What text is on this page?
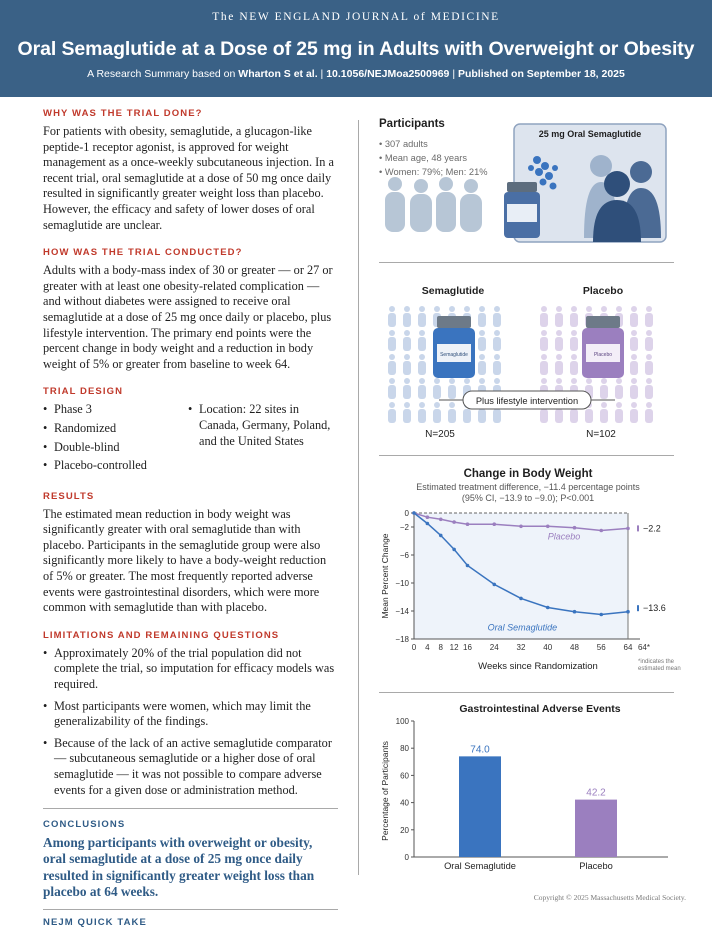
The NEW ENGLAND JOURNAL of MEDICINE
Oral Semaglutide at a Dose of 25 mg in Adults with Overweight or Obesity
A Research Summary based on Wharton S et al. | 10.1056/NEJMoa2500969 | Published on September 18, 2025
WHY WAS THE TRIAL DONE?

For patients with obesity, semaglutide, a glucagon-like peptide-1 receptor agonist, is approved for weight management as a once-weekly subcutaneous injection. In a recent trial, oral semaglutide at a dose of 50 mg once daily resulted in significantly greater weight loss than placebo. However, the efficacy and safety of lower doses of oral semaglutide are unclear.

HOW WAS THE TRIAL CONDUCTED?

Adults with a body-mass index of 30 or greater — or 27 or greater with at least one obesity-related complication — and without diabetes were assigned to receive oral semaglutide at a dose of 25 mg once daily or placebo, plus lifestyle intervention. The primary end points were the percent change in body weight and a reduction in body weight of 5% or greater from baseline to week 64.

TRIAL DESIGN
• Phase 3
• Randomized
• Double-blind
• Placebo-controlled
• Location: 22 sites in Canada, Germany, Poland, and the United States
RESULTS

The estimated mean reduction in body weight was significantly greater with oral semaglutide than with placebo. Participants in the semaglutide group were also significantly more likely to have a body-weight reduction of 5% or greater. The most frequently reported adverse events were gastrointestinal disorders, which were more common with semaglutide than with placebo.

LIMITATIONS AND REMAINING QUESTIONS
• Approximately 20% of the trial population did not complete the trial, so imputation for efficacy models was required.
• Most participants were women, which may limit the generalizability of the findings.
• Because of the lack of an active semaglutide comparator — subcutaneous semaglutide or a higher dose of oral semaglutide — it was not possible to compare adverse events for a given dose or administration method.
CONCLUSIONS
Among participants with overweight or obesity, oral semaglutide at a dose of 25 mg once daily resulted in significantly greater weight loss than placebo at 64 weeks.
NEJM QUICK TAKE
Participants
• 307 adults
• Mean age, 48 years
• Women: 79%; Men: 21%
25 mg Oral Semaglutide
Semaglutide	Placebo
Semaglutide	Placebo
Plus lifestyle intervention
N=205	N=102
Change in Body Weight
Estimated treatment difference, −11.4 percentage points
(95% CI, −13.9 to −9.0); P<0.001
Mean Percent Change
Weeks since Randomization	*indicates the
estimated mean
0
−2
−6
−10
−14
−18
0 4 8 12 16 24 32 40 48 56 64 64*
−2.2
Placebo
−13.6
Oral Semaglutide
Gastrointestinal Adverse Events
Percentage of Participants
0
20
40
60
80
100
74.0
Oral Semaglutide
42.2
Placebo
Copyright © 2025 Massachusetts Medical Society.
